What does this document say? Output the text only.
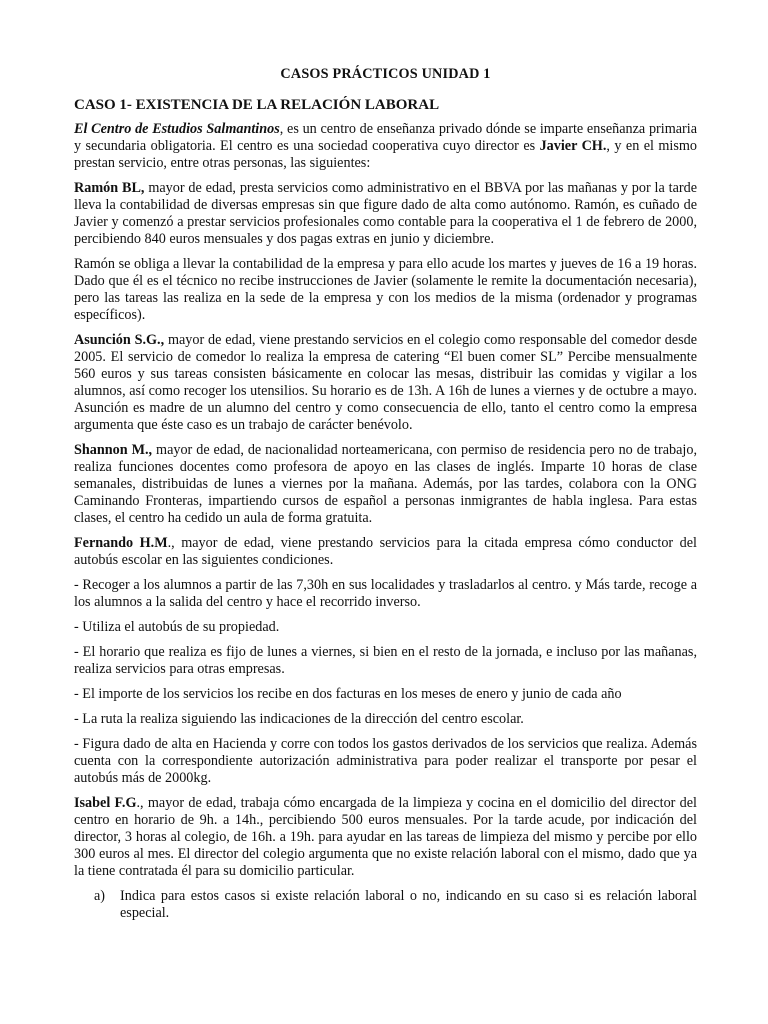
CASOS PRÁCTICOS UNIDAD 1
CASO 1- EXISTENCIA DE LA RELACIÓN LABORAL

El Centro de Estudios Salmantinos, es un centro de enseñanza privado dónde se imparte enseñanza primaria y secundaria obligatoria. El centro es una sociedad cooperativa cuyo director es Javier CH., y en el mismo prestan servicio, entre otras personas, las siguientes:

Ramón BL, mayor de edad, presta servicios como administrativo en el BBVA por las mañanas y por la tarde lleva la contabilidad de diversas empresas sin que figure dado de alta como autónomo. Ramón, es cuñado de Javier y comenzó a prestar servicios profesionales como contable para la cooperativa el 1 de febrero de 2000, percibiendo 840 euros mensuales y dos pagas extras en junio y diciembre.

Ramón se obliga a llevar la contabilidad de la empresa y para ello acude los martes y jueves de 16 a 19 horas. Dado que él es el técnico no recibe instrucciones de Javier (solamente le remite la documentación necesaria), pero las tareas las realiza en la sede de la empresa y con los medios de la misma (ordenador y programas específicos).

Asunción S.G., mayor de edad, viene prestando servicios en el colegio como responsable del comedor desde 2005. El servicio de comedor lo realiza la empresa de catering “El buen comer SL” Percibe mensualmente 560 euros y sus tareas consisten básicamente en colocar las mesas, distribuir las comidas y vigilar a los alumnos, así como recoger los utensilios. Su horario es de 13h. A 16h de lunes a viernes y de octubre a mayo. Asunción es madre de un alumno del centro y como consecuencia de ello, tanto el centro como la empresa argumenta que éste caso es un trabajo de carácter benévolo.

Shannon M., mayor de edad, de nacionalidad norteamericana, con permiso de residencia pero no de trabajo, realiza funciones docentes como profesora de apoyo en las clases de inglés. Imparte 10 horas de clase semanales, distribuidas de lunes a viernes por la mañana. Además, por las tardes, colabora con la ONG Caminando Fronteras, impartiendo cursos de español a personas inmigrantes de habla inglesa. Para estas clases, el centro ha cedido un aula de forma gratuita.

Fernando H.M., mayor de edad, viene prestando servicios para la citada empresa cómo conductor del autobús escolar en las siguientes condiciones.

- Recoger a los alumnos a partir de las 7,30h en sus localidades y trasladarlos al centro. y Más tarde, recoge a los alumnos a la salida del centro y hace el recorrido inverso.

- Utiliza el autobús de su propiedad.

- El horario que realiza es fijo de lunes a viernes, si bien en el resto de la jornada, e incluso por las mañanas, realiza servicios para otras empresas.

- El importe de los servicios los recibe en dos facturas en los meses de enero y junio de cada año

- La ruta la realiza siguiendo las indicaciones de la dirección del centro escolar.

- Figura dado de alta en Hacienda y corre con todos los gastos derivados de los servicios que realiza. Además cuenta con la correspondiente autorización administrativa para poder realizar el transporte por pesar el autobús más de 2000kg.

Isabel F.G., mayor de edad, trabaja cómo encargada de la limpieza y cocina en el domicilio del director del centro en horario de 9h. a 14h., percibiendo 500 euros mensuales. Por la tarde acude, por indicación del director, 3 horas al colegio, de 16h. a 19h. para ayudar en las tareas de limpieza del mismo y percibe por ello 300 euros al mes. El director del colegio argumenta que no existe relación laboral con el mismo, dado que ya la tiene contratada él para su domicilio particular.

a)	Indica para estos casos si existe relación laboral o no, indicando en su caso si es relación laboral especial.
